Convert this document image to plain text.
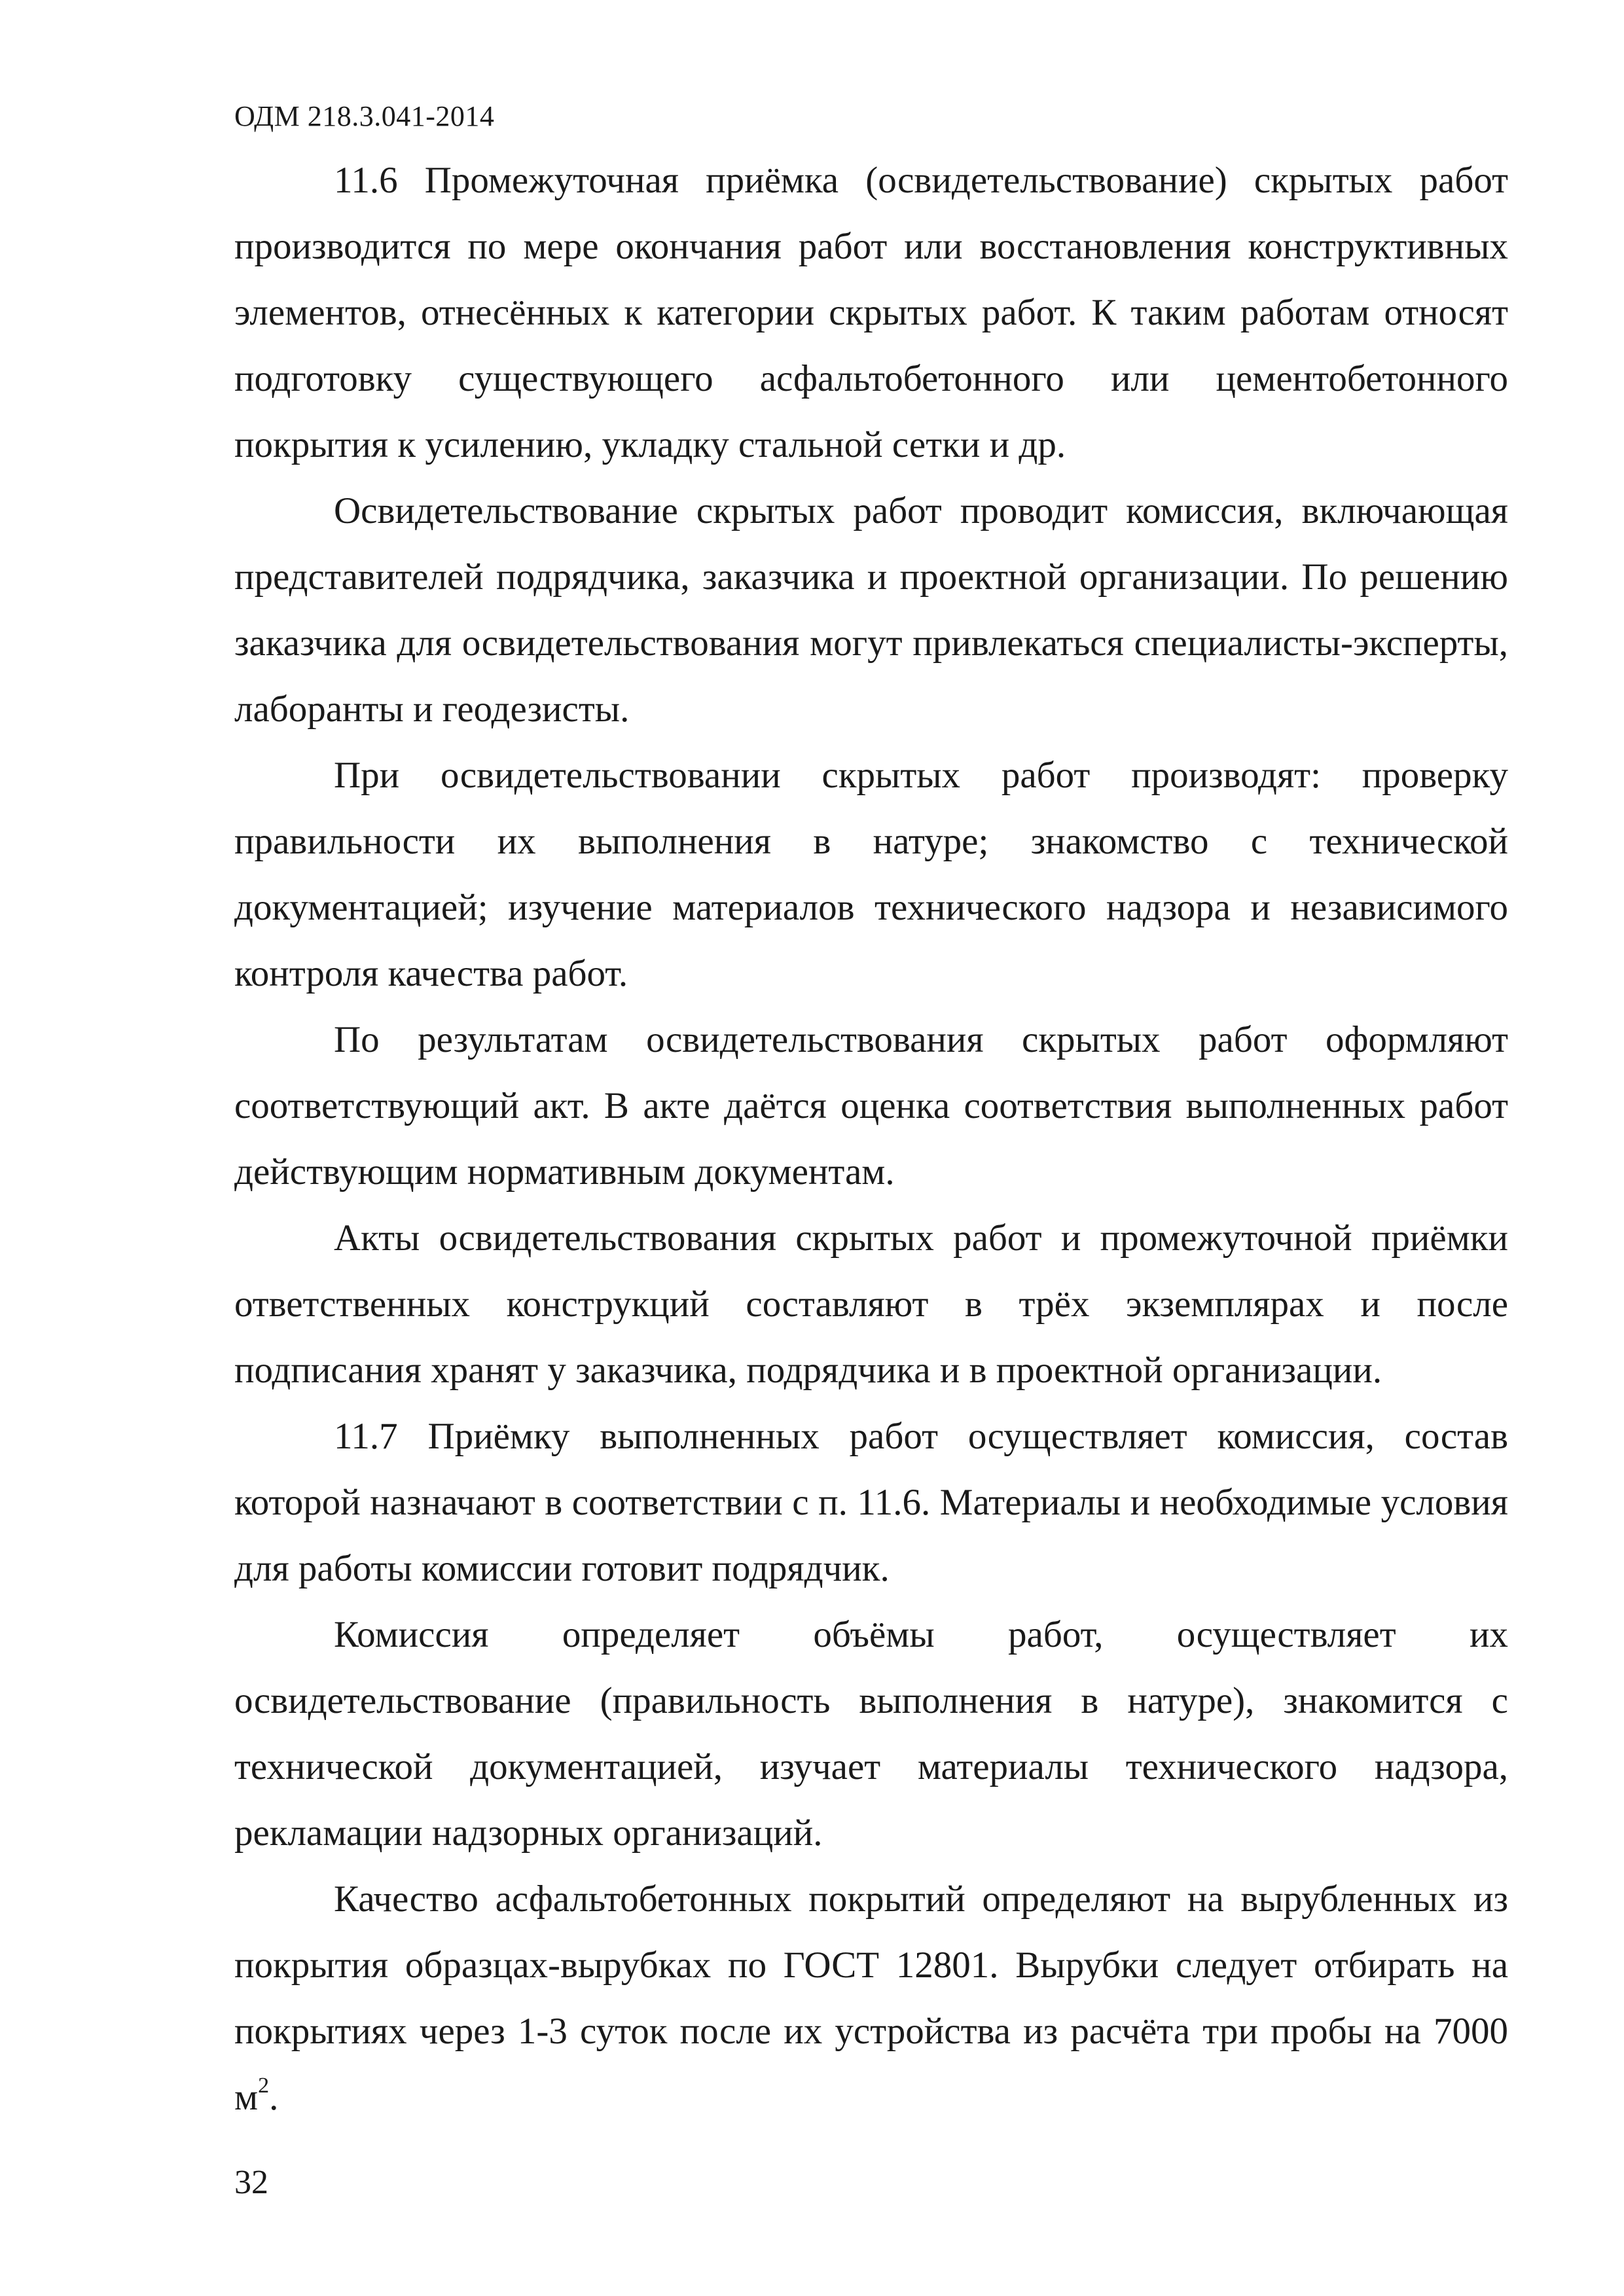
ОДМ 218.3.041-2014

11.6 Промежуточная приёмка (освидетельствование) скрытых работ производится по мере окончания работ или восстановления конструктивных элементов, отнесённых к категории скрытых работ. К таким работам относят подготовку существующего асфальтобетонного или цементобетонного покрытия к усилению, укладку стальной сетки и др.

Освидетельствование скрытых работ проводит комиссия, включающая представителей подрядчика, заказчика и проектной организации. По решению заказчика для освидетельствования могут привлекаться специалисты-эксперты, лаборанты и геодезисты.

При освидетельствовании скрытых работ производят: проверку правильности их выполнения в натуре; знакомство с технической документацией; изучение материалов технического надзора и независимого контроля качества работ.

По результатам освидетельствования скрытых работ оформляют соответствующий акт. В акте даётся оценка соответствия выполненных работ действующим нормативным документам.

Акты освидетельствования скрытых работ и промежуточной приёмки ответственных конструкций составляют в трёх экземплярах и после подписания хранят у заказчика, подрядчика и в проектной организации.

11.7 Приёмку выполненных работ осуществляет комиссия, состав которой назначают в соответствии с п. 11.6. Материалы и необходимые условия для работы комиссии готовит подрядчик.

Комиссия определяет объёмы работ, осуществляет их освидетельствование (правильность выполнения в натуре), знакомится с технической документацией, изучает материалы технического надзора, рекламации надзорных организаций.

Качество асфальтобетонных покрытий определяют на вырубленных из покрытия образцах-вырубках по ГОСТ 12801. Вырубки следует отбирать на покрытиях через 1-3 суток после их устройства из расчёта три пробы на 7000 $м^2$.

32
